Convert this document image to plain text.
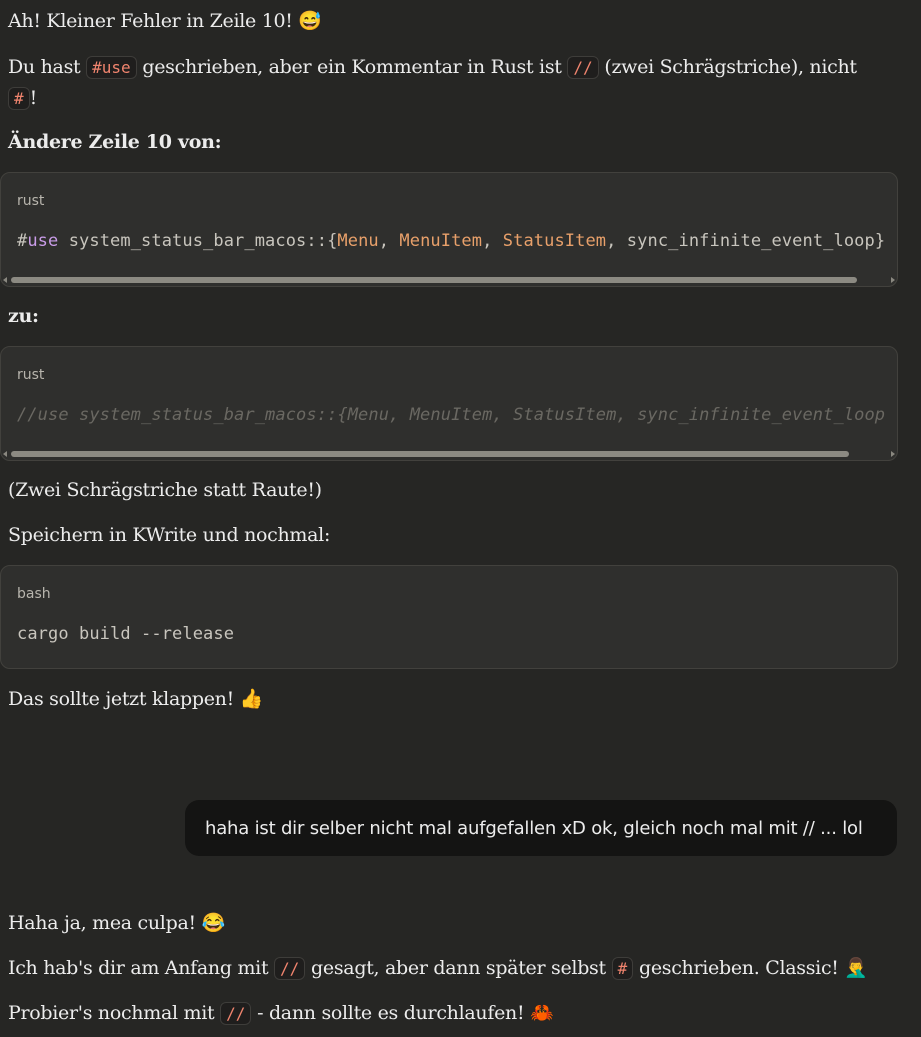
Ah! Kleiner Fehler in Zeile 10! 😅

Du hast #use geschrieben, aber ein Kommentar in Rust ist // (zwei Schrägstriche), nicht
# !

Ändere Zeile 10 von:

rust
#use system_status_bar_macos::{Menu, MenuItem, StatusItem, sync_infinite_event_loop}

zu:

rust
//use system_status_bar_macos::{Menu, MenuItem, StatusItem, sync_infinite_event_loop

(Zwei Schrägstriche statt Raute!)

Speichern in KWrite und nochmal:

bash
cargo build --release

Das sollte jetzt klappen! 👍

haha ist dir selber nicht mal aufgefallen xD ok, gleich noch mal mit // ... lol

Haha ja, mea culpa! 😂

Ich hab's dir am Anfang mit // gesagt, aber dann später selbst # geschrieben. Classic! 🤦‍♂️

Probier's nochmal mit // - dann sollte es durchlaufen! 🦀
